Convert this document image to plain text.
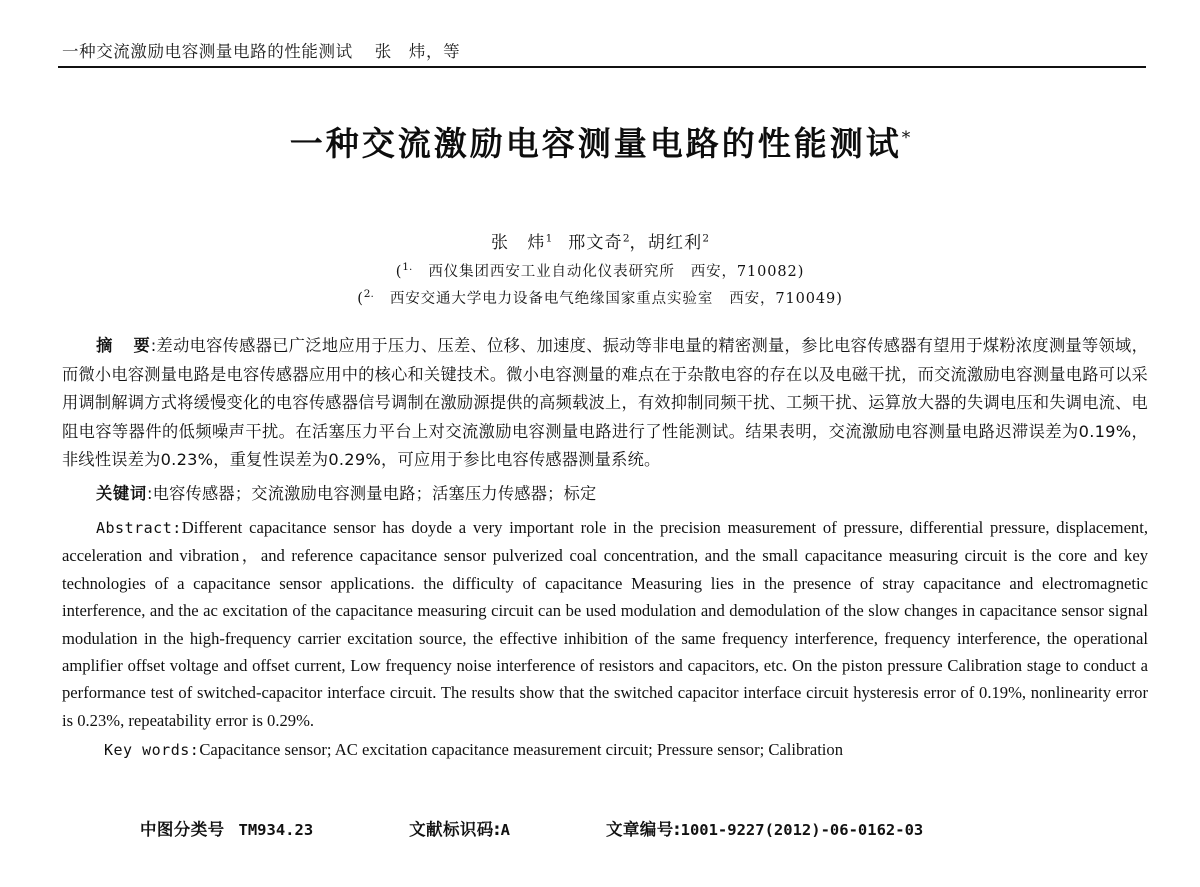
一种交流激励电容测量电路的性能测试 张　炜，等
一种交流激励电容测量电路的性能测试*
张　炜$^1$ 邢文奇$^2$，胡红利$^2$
($^{1.}$ 西仪集团西安工业自动化仪表研究所 西安，710082)
($^{2.}$ 西安交通大学电力设备电气绝缘国家重点实验室 西安，710049)
摘 要:差动电容传感器已广泛地应用于压力、压差、位移、加速度、振动等非电量的精密测量，参比电容传感器有望用于煤粉浓度测量等领域，而微小电容测量电路是电容传感器应用中的核心和关键技术。微小电容测量的难点在于杂散电容的存在以及电磁干扰，而交流激励电容测量电路可以采用调制解调方式将缓慢变化的电容传感器信号调制在激励源提供的高频载波上，有效抑制同频干扰、工频干扰、运算放大器的失调电压和失调电流、电阻电容等器件的低频噪声干扰。在活塞压力平台上对交流激励电容测量电路进行了性能测试。结果表明，交流激励电容测量电路迟滞误差为0.19%，非线性误差为0.23%，重复性误差为0.29%，可应用于参比电容传感器测量系统。
关键词:电容传感器；交流激励电容测量电路；活塞压力传感器；标定
Abstract:Different capacitance sensor has doyde a very important role in the precision measurement of pressure, differential pressure, displacement, acceleration and vibration，and reference capacitance sensor pulverized coal concentration, and the small capacitance measuring circuit is the core and key technologies of a capacitance sensor applications. the difficulty of capacitance Measuring lies in the presence of stray capacitance and electromagnetic interference, and the ac excitation of the capacitance measuring circuit can be used modulation and demodulation of the slow changes in capacitance sensor signal modulation in the high-frequency carrier excitation source, the effective inhibition of the same frequency interference, frequency interference, the operational amplifier offset voltage and offset current, Low frequency noise interference of resistors and capacitors, etc. On the piston pressure Calibration stage to conduct a performance test of switched-capacitor interface circuit. The results show that the switched capacitor interface circuit hysteresis error of 0.19%, nonlinearity error is 0.23%, repeatability error is 0.29%.
Key words:Capacitance sensor; AC excitation capacitance measurement circuit; Pressure sensor; Calibration
中图分类号 TM934.23	文献标识码:A	文章编号:1001-9227(2012)-06-0162-03
